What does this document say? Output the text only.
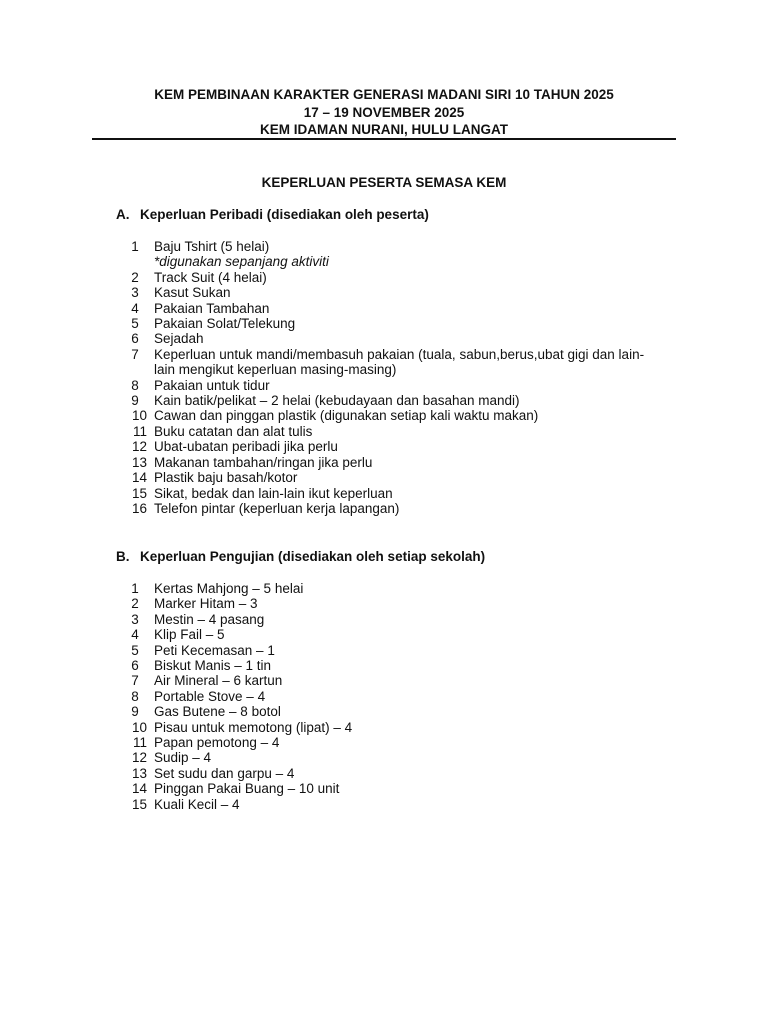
KEM PEMBINAAN KARAKTER GENERASI MADANI SIRI 10 TAHUN 2025
17 – 19 NOVEMBER 2025
KEM IDAMAN NURANI, HULU LANGAT
KEPERLUAN PESERTA SEMASA KEM
A. Keperluan Peribadi (disediakan oleh peserta)
1	Baju Tshirt (5 helai)
*digunakan sepanjang aktiviti
2	Track Suit (4 helai)
3	Kasut Sukan
4	Pakaian Tambahan
5	Pakaian Solat/Telekung
6	Sejadah
7	Keperluan untuk mandi/membasuh pakaian (tuala, sabun,berus,ubat gigi dan lain-lain mengikut keperluan masing-masing)
8	Pakaian untuk tidur
9	Kain batik/pelikat – 2 helai (kebudayaan dan basahan mandi)
10 Cawan dan pinggan plastik (digunakan setiap kali waktu makan)
11 Buku catatan dan alat tulis
12 Ubat-ubatan peribadi jika perlu
13 Makanan tambahan/ringan jika perlu
14 Plastik baju basah/kotor
15 Sikat, bedak dan lain-lain ikut keperluan
16 Telefon pintar (keperluan kerja lapangan)
B. Keperluan Pengujian (disediakan oleh setiap sekolah)
1	Kertas Mahjong – 5 helai
2	Marker Hitam – 3
3	Mestin – 4 pasang
4	Klip Fail – 5
5	Peti Kecemasan – 1
6	Biskut Manis – 1 tin
7	Air Mineral – 6 kartun
8	Portable Stove – 4
9	Gas Butene – 8 botol
10 Pisau untuk memotong (lipat) – 4
11 Papan pemotong – 4
12 Sudip – 4
13 Set sudu dan garpu – 4
14 Pinggan Pakai Buang – 10 unit
15 Kuali Kecil – 4
